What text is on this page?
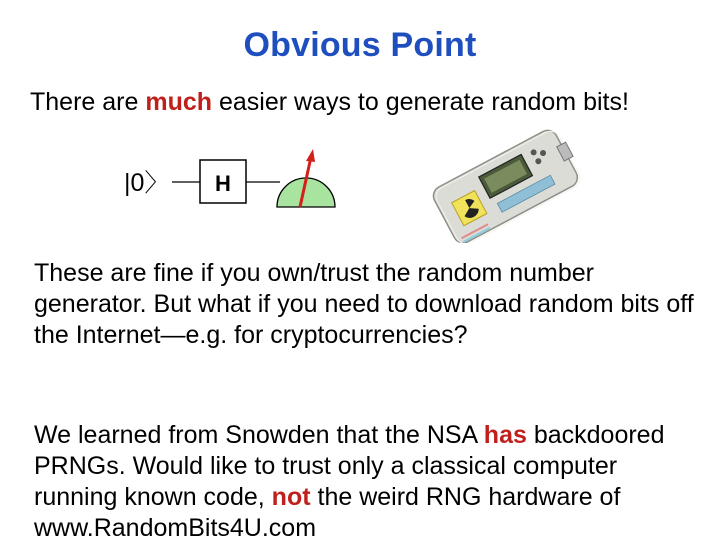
Obvious Point
There are much easier ways to generate random bits!
|0〉 H
These are fine if you own/trust the random number generator. But what if you need to download random bits off the Internet—e.g. for cryptocurrencies?
We learned from Snowden that the NSA has backdoored PRNGs. Would like to trust only a classical computer running known code, not the weird RNG hardware of www.RandomBits4U.com
